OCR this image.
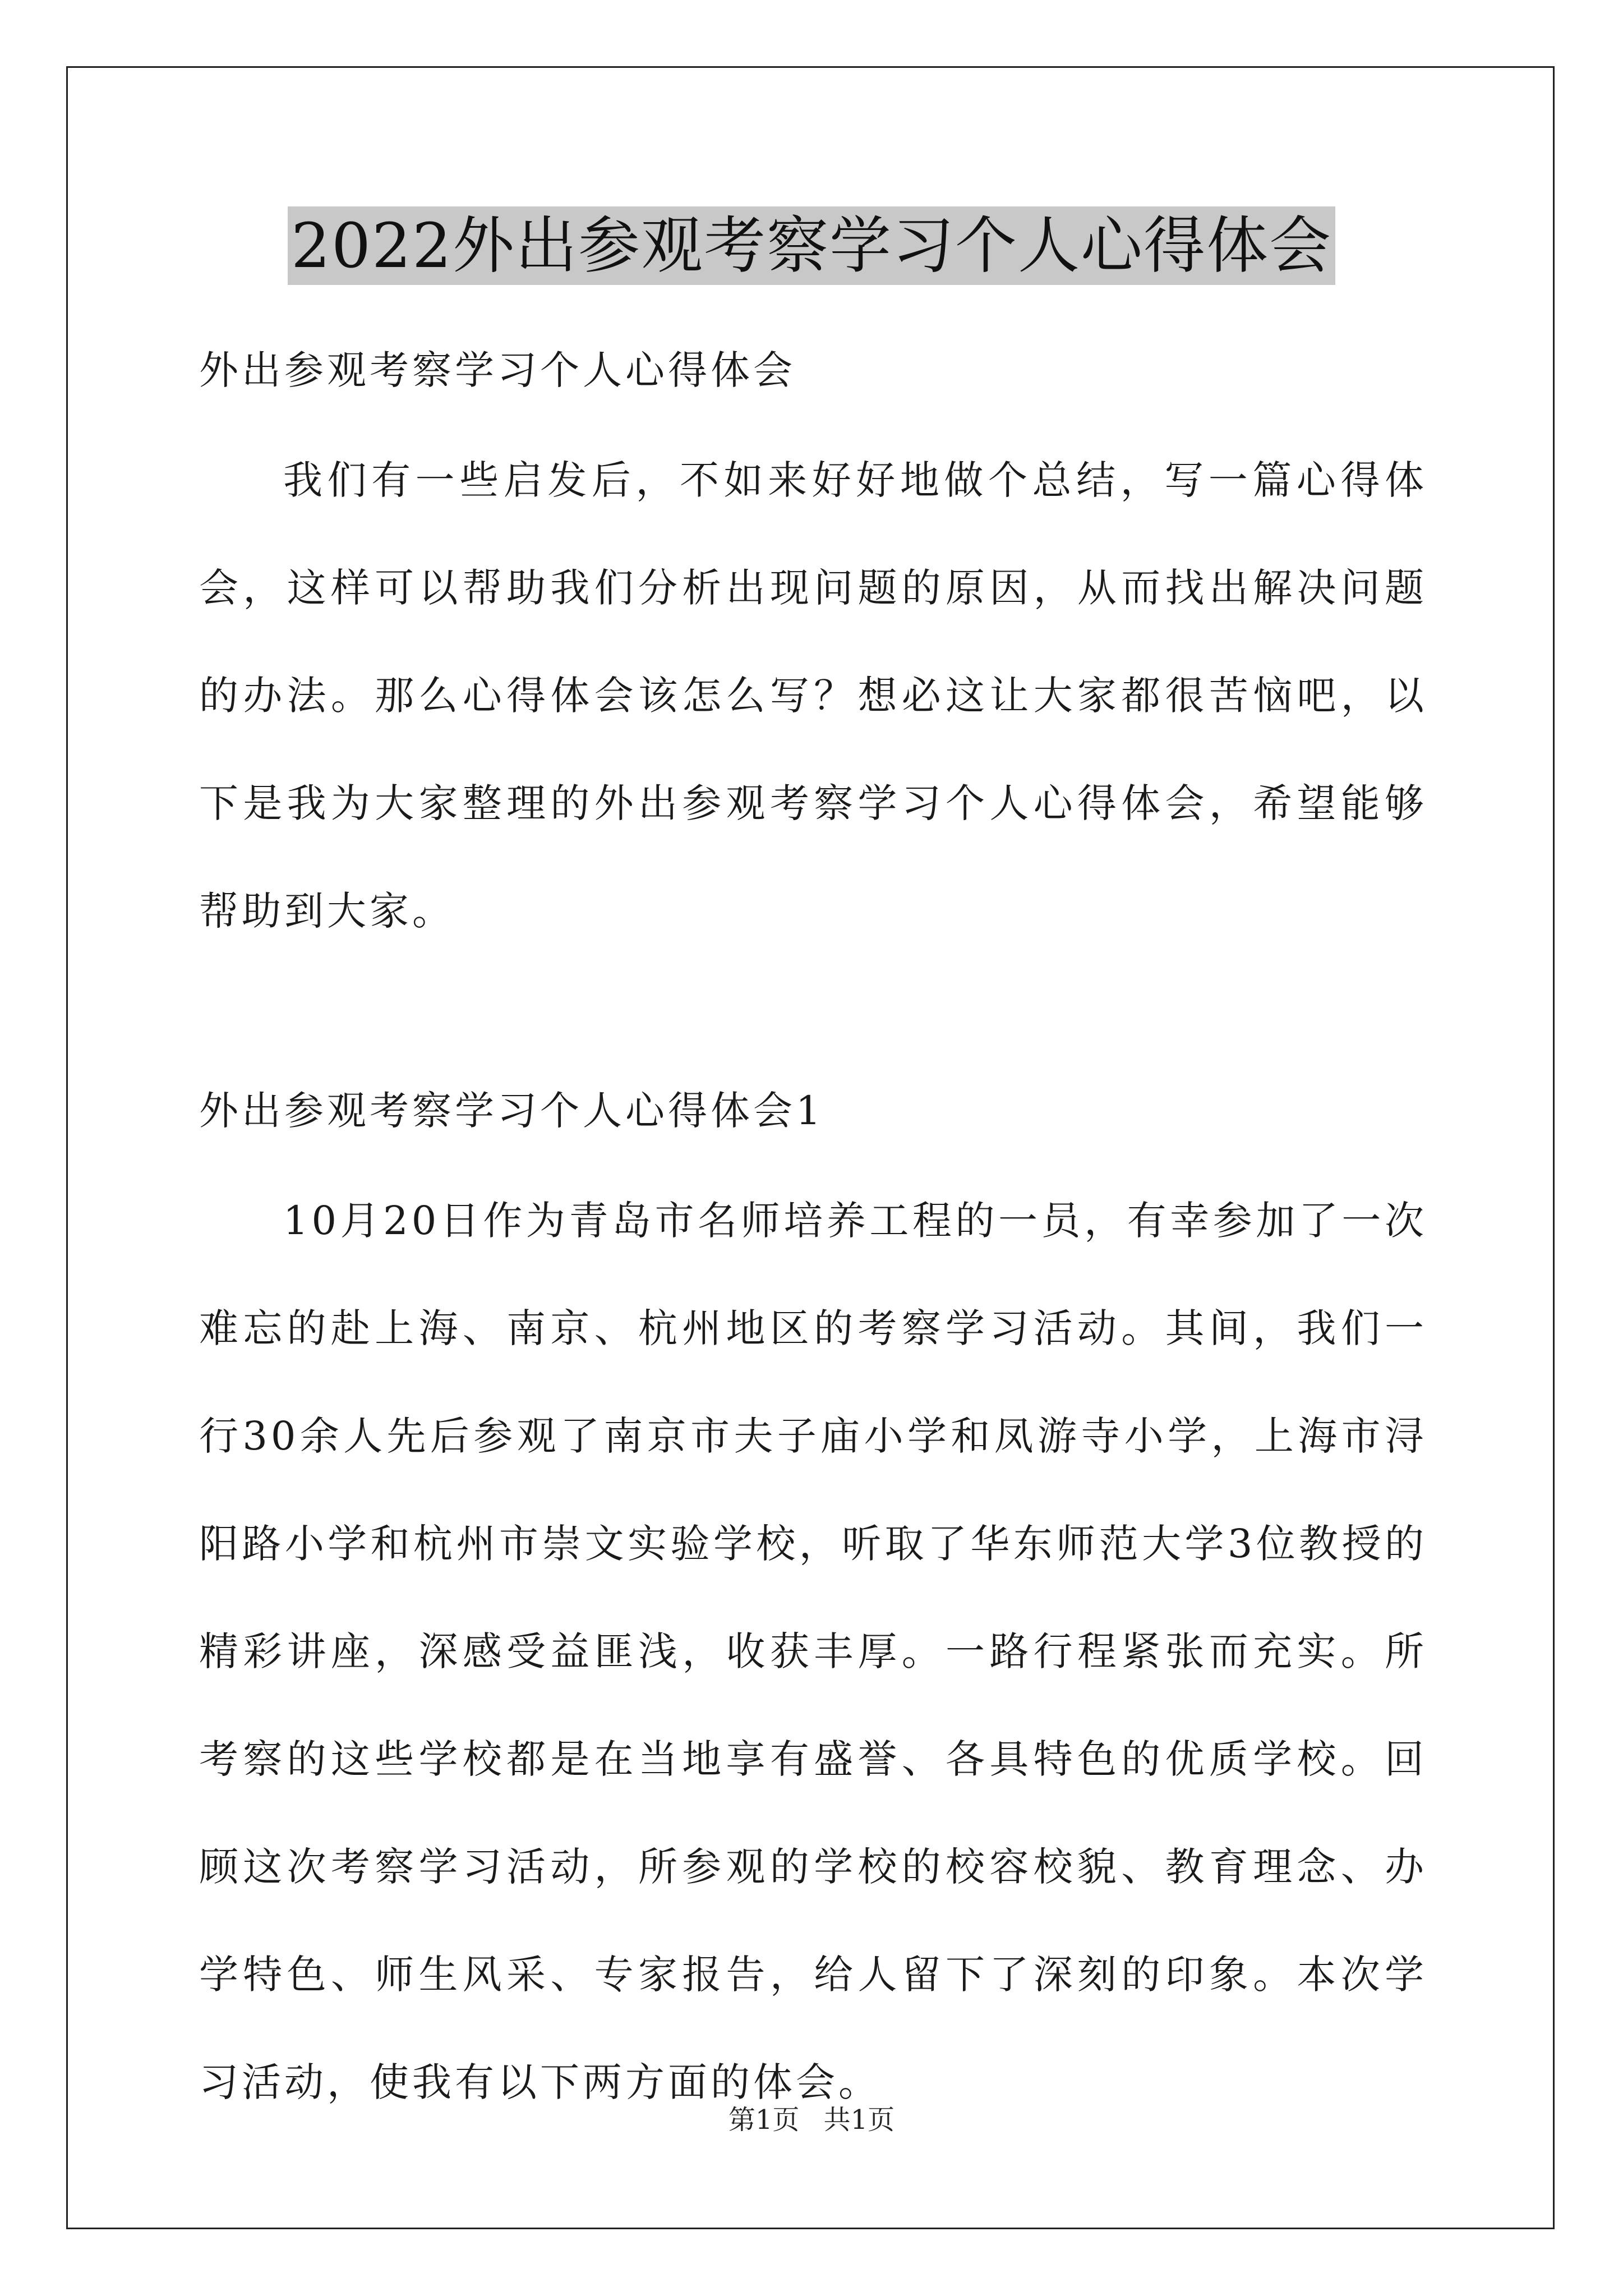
2022外出参观考察学习个人心得体会

外出参观考察学习个人心得体会

我们有一些启发后，不如来好好地做个总结，写一篇心得体会，这样可以帮助我们分析出现问题的原因，从而找出解决问题的办法。那么心得体会该怎么写？想必这让大家都很苦恼吧，以下是我为大家整理的外出参观考察学习个人心得体会，希望能够帮助到大家。

外出参观考察学习个人心得体会1

10月20日作为青岛市名师培养工程的一员，有幸参加了一次难忘的赴上海、南京、杭州地区的考察学习活动。其间，我们一行30余人先后参观了南京市夫子庙小学和凤游寺小学，上海市浔阳路小学和杭州市崇文实验学校，听取了华东师范大学3位教授的精彩讲座，深感受益匪浅，收获丰厚。一路行程紧张而充实。所考察的这些学校都是在当地享有盛誉、各具特色的优质学校。回顾这次考察学习活动，所参观的学校的校容校貌、教育理念、办学特色、师生风采、专家报告，给人留下了深刻的印象。本次学习活动，使我有以下两方面的体会。

第1页 共1页
